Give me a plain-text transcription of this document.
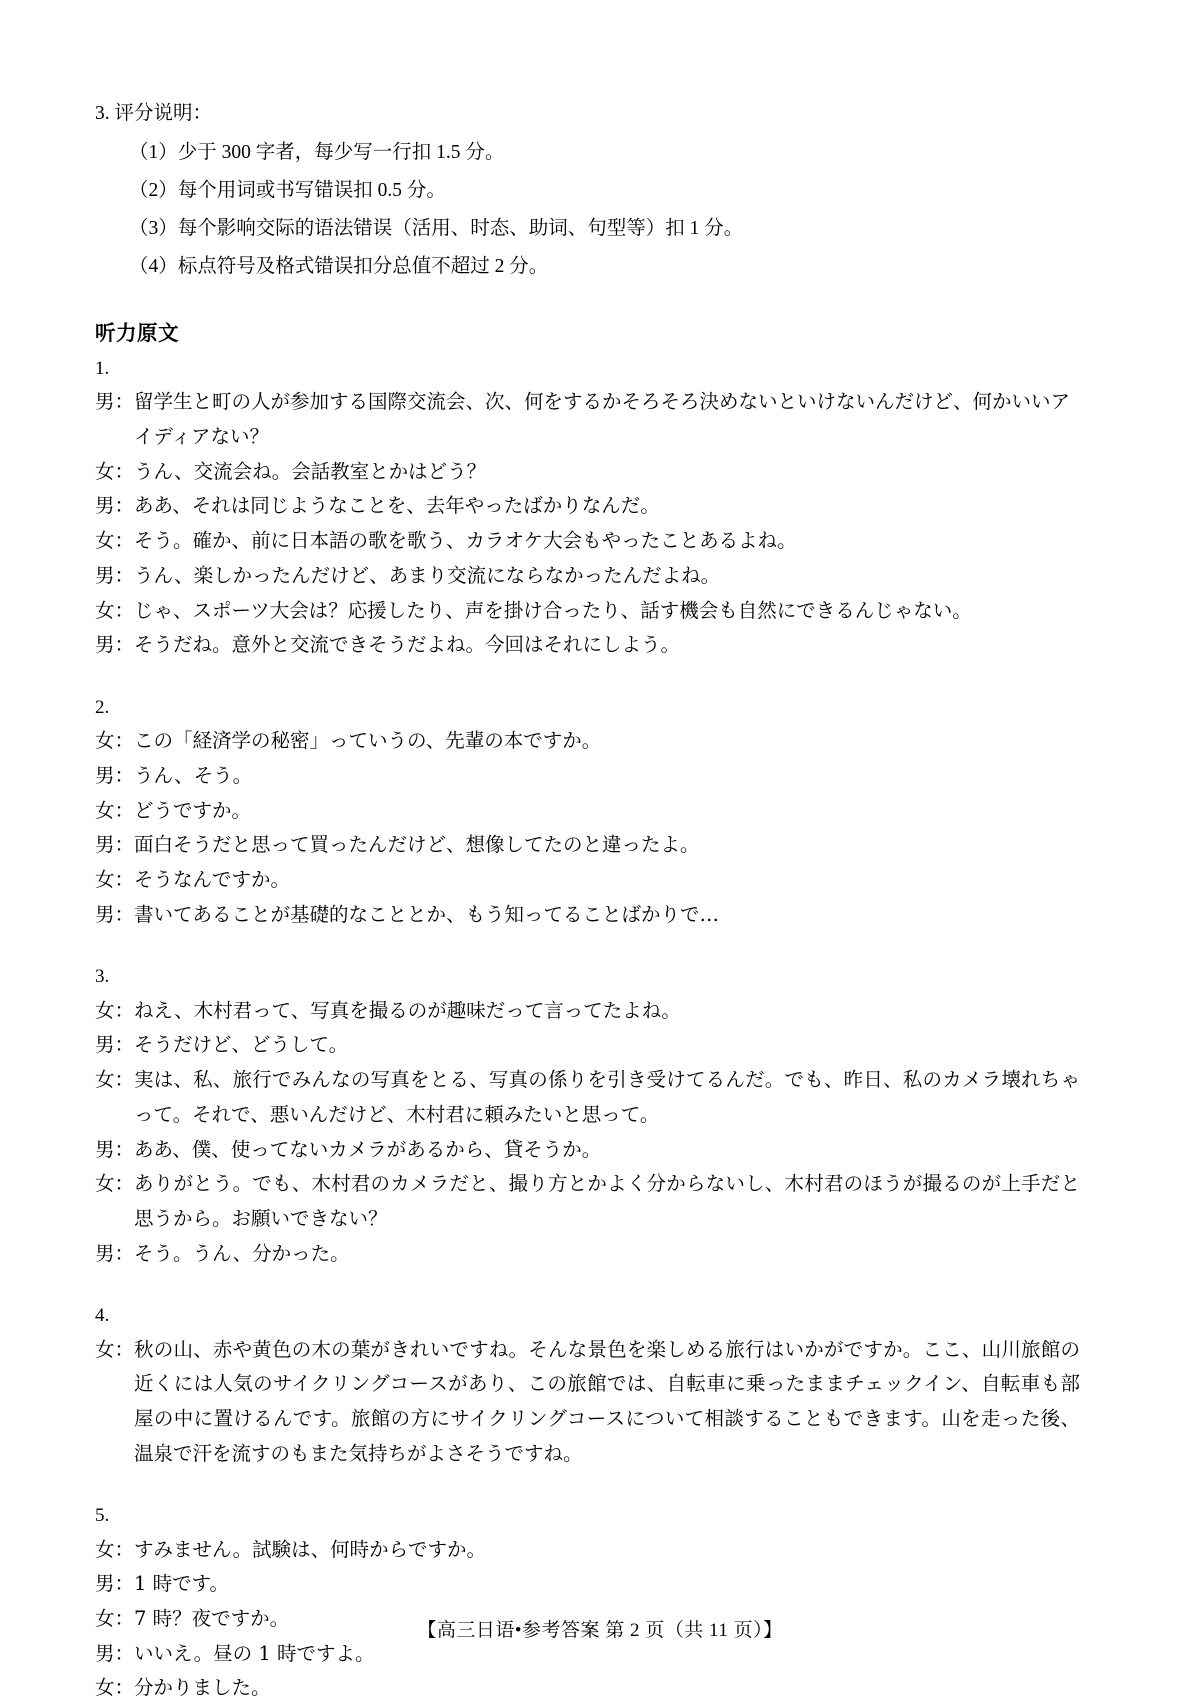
3. 评分说明：
（1）少于 300 字者，每少写一行扣 1.5 分。
（2）每个用词或书写错误扣 0.5 分。
（3）每个影响交际的语法错误（活用、时态、助词、句型等）扣 1 分。
（4）标点符号及格式错误扣分总值不超过 2 分。
听力原文
1.
男： 留学生と町の人が参加する国際交流会、次、何をするかそろそろ決めないといけないんだけど、何かいいアイディアない？
女： うん、交流会ね。会話教室とかはどう？
男： ああ、それは同じようなことを、去年やったばかりなんだ。
女： そう。確か、前に日本語の歌を歌う、カラオケ大会もやったことあるよね。
男： うん、楽しかったんだけど、あまり交流にならなかったんだよね。
女： じゃ、スポーツ大会は？応援したり、声を掛け合ったり、話す機会も自然にできるんじゃない。
男： そうだね。意外と交流できそうだよね。今回はそれにしよう。
2.
女： この「経済学の秘密」っていうの、先輩の本ですか。
男： うん、そう。
女： どうですか。
男： 面白そうだと思って買ったんだけど、想像してたのと違ったよ。
女： そうなんですか。
男： 書いてあることが基礎的なこととか、もう知ってることばかりで…
3.
女： ねえ、木村君って、写真を撮るのが趣味だって言ってたよね。
男： そうだけど、どうして。
女： 実は、私、旅行でみんなの写真をとる、写真の係りを引き受けてるんだ。でも、昨日、私のカメラ壊れちゃって。それで、悪いんだけど、木村君に頼みたいと思って。
男： ああ、僕、使ってないカメラがあるから、貸そうか。
女： ありがとう。でも、木村君のカメラだと、撮り方とかよく分からないし、木村君のほうが撮るのが上手だと思うから。お願いできない？
男： そう。うん、分かった。
4.
女： 秋の山、赤や黄色の木の葉がきれいですね。そんな景色を楽しめる旅行はいかがですか。ここ、山川旅館の近くには人気のサイクリングコースがあり、この旅館では、自転車に乗ったままチェックイン、自転車も部屋の中に置けるんです。旅館の方にサイクリングコースについて相談することもできます。山を走った後、温泉で汗を流すのもまた気持ちがよさそうですね。
5.
女： すみません。試験は、何時からですか。
男： 1 時です。
女： 7 時？夜ですか。
男： いいえ。昼の 1 時ですよ。
女： 分かりました。
【高三日语•参考答案 第 2 页（共 11 页）】
